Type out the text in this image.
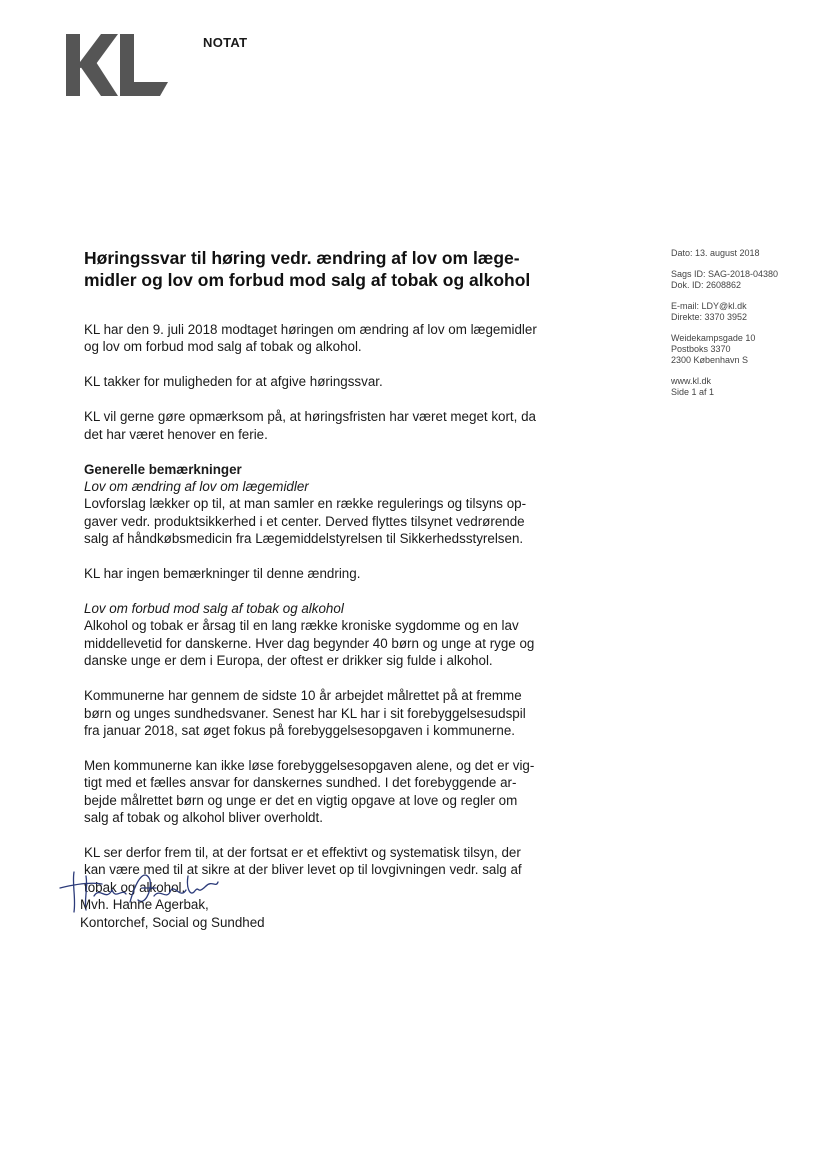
NOTAT
Høringssvar til høring vedr. ændring af lov om læge-
midler og lov om forbud mod salg af tobak og alkohol

KL har den 9. juli 2018 modtaget høringen om ændring af lov om lægemidler
og lov om forbud mod salg af tobak og alkohol.

KL takker for muligheden for at afgive høringssvar.

KL vil gerne gøre opmærksom på, at høringsfristen har været meget kort, da
det har været henover en ferie.

Generelle bemærkninger

Lov om ændring af lov om lægemidler

Lovforslag lækker op til, at man samler en række regulerings og tilsyns op-
gaver vedr. produktsikkerhed i et center. Derved flyttes tilsynet vedrørende
salg af håndkøbsmedicin fra Lægemiddelstyrelsen til Sikkerhedsstyrelsen.

KL har ingen bemærkninger til denne ændring.

Lov om forbud mod salg af tobak og alkohol

Alkohol og tobak er årsag til en lang række kroniske sygdomme og en lav
middellevetid for danskerne. Hver dag begynder 40 børn og unge at ryge og
danske unge er dem i Europa, der oftest er drikker sig fulde i alkohol.

Kommunerne har gennem de sidste 10 år arbejdet målrettet på at fremme
børn og unges sundhedsvaner. Senest har KL har i sit forebyggelsesudspil
fra januar 2018, sat øget fokus på forebyggelsesopgaven i kommunerne.

Men kommunerne kan ikke løse forebyggelsesopgaven alene, og det er vig-
tigt med et fælles ansvar for danskernes sundhed. I det forebyggende ar-
bejde målrettet børn og unge er det en vigtig opgave at love og regler om
salg af tobak og alkohol bliver overholdt.

KL ser derfor frem til, at der fortsat er et effektivt og systematisk tilsyn, der
kan være med til at sikre at der bliver levet op til lovgivningen vedr. salg af
tobak og alkohol.

Mvh. Hanne Agerbak,
Kontorchef, Social og Sundhed
Dato: 13. august 2018
Sags ID: SAG-2018-04380
Dok. ID: 2608862
E-mail: LDY@kl.dk
Direkte: 3370 3952
Weidekampsgade 10
Postboks 3370
2300 København S
www.kl.dk
Side 1 af 1
